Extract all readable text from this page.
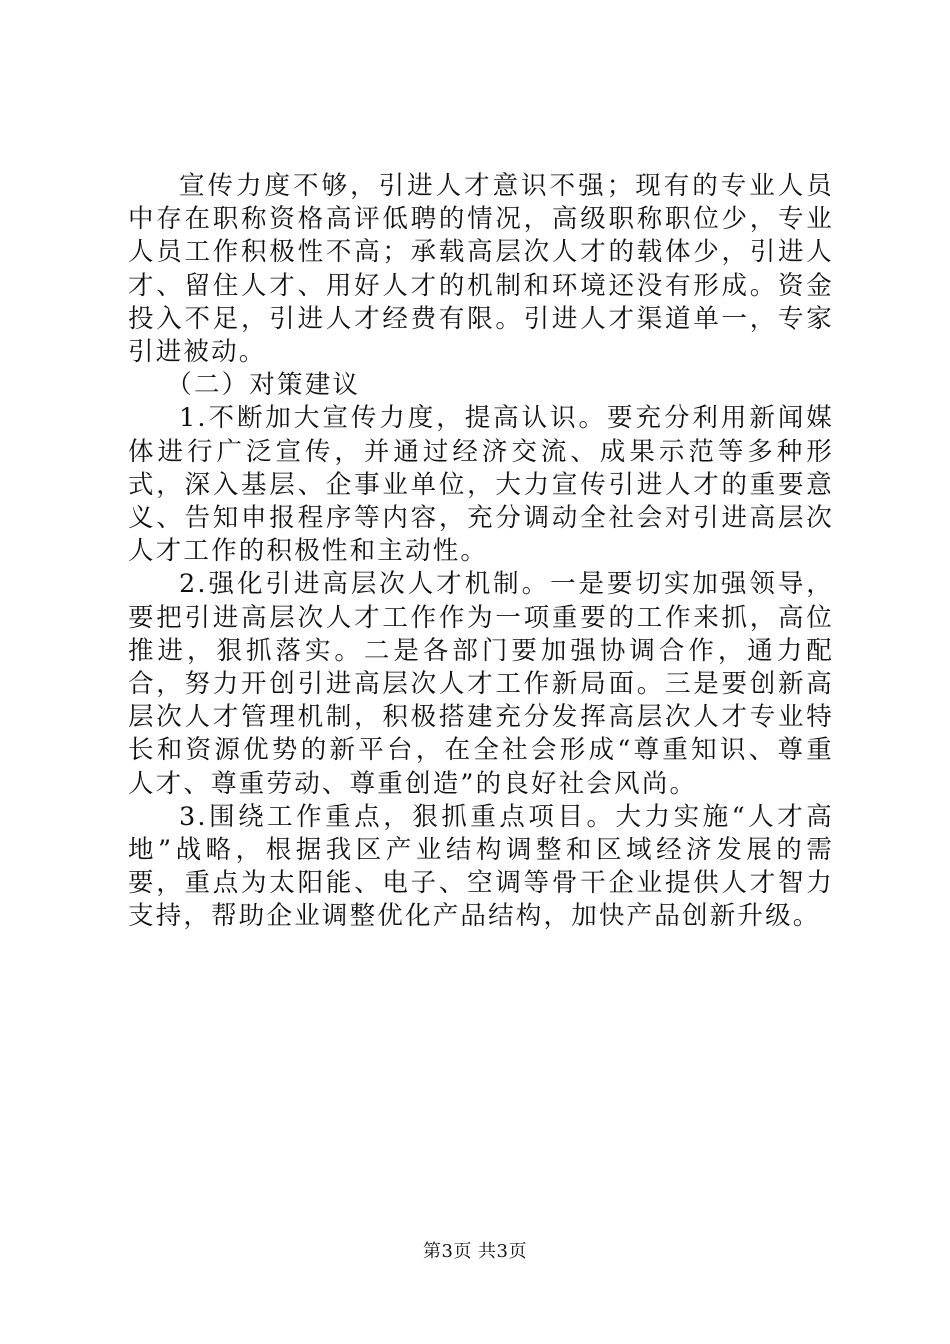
宣传力度不够，引进人才意识不强；现有的专业人员中存在职称资格高评低聘的情况，高级职称职位少，专业人员工作积极性不高；承载高层次人才的载体少，引进人才、留住人才、用好人才的机制和环境还没有形成。资金投入不足，引进人才经费有限。引进人才渠道单一，专家引进被动。

（二）对策建议

1.不断加大宣传力度，提高认识。要充分利用新闻媒体进行广泛宣传，并通过经济交流、成果示范等多种形式，深入基层、企事业单位，大力宣传引进人才的重要意义、告知申报程序等内容，充分调动全社会对引进高层次人才工作的积极性和主动性。

2.强化引进高层次人才机制。一是要切实加强领导，要把引进高层次人才工作作为一项重要的工作来抓，高位推进，狠抓落实。二是各部门要加强协调合作，通力配合，努力开创引进高层次人才工作新局面。三是要创新高层次人才管理机制，积极搭建充分发挥高层次人才专业特长和资源优势的新平台，在全社会形成“尊重知识、尊重人才、尊重劳动、尊重创造”的良好社会风尚。

3.围绕工作重点，狠抓重点项目。大力实施“人才高地”战略，根据我区产业结构调整和区域经济发展的需要，重点为太阳能、电子、空调等骨干企业提供人才智力支持，帮助企业调整优化产品结构，加快产品创新升级。

第3页 共3页
